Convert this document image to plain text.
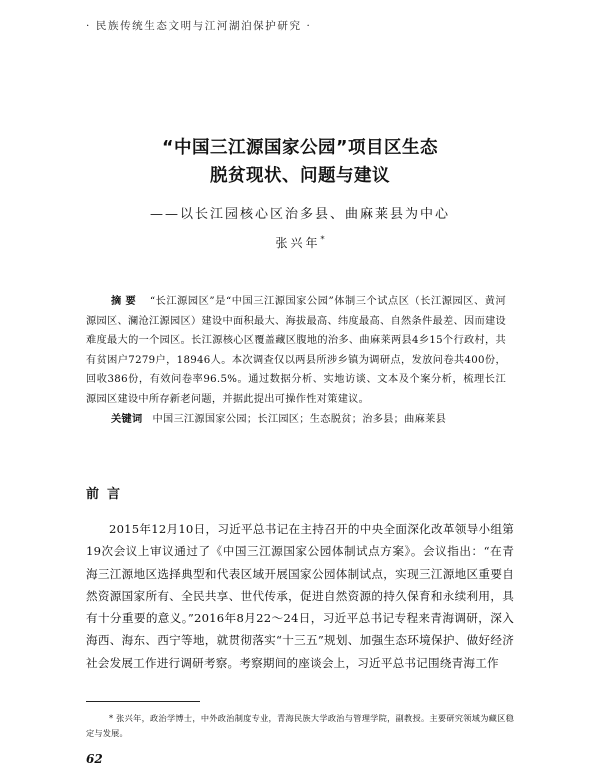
· 民族传统生态文明与江河湖泊保护研究 ·
“中国三江源国家公园”项目区生态
脱贫现状、问题与建议
——以长江园核心区治多县、曲麻莱县为中心
张兴年*
摘要 “长江源园区”是“中国三江源国家公园”体制三个试点区（长江源园区、黄河源园区、澜沧江源园区）建设中面积最大、海拔最高、纬度最高、自然条件最差、因而建设难度最大的一个园区。长江源核心区覆盖藏区腹地的治多、曲麻莱两县4乡15个行政村，共有贫困户7279户，18946人。本次调查仅以两县所涉乡镇为调研点，发放问卷共400份，回收386份，有效问卷率96.5%。通过数据分析、实地访谈、文本及个案分析，梳理长江源园区建设中所存新老问题，并据此提出可操作性对策建议。
关键词 中国三江源国家公园；长江园区；生态脱贫；治多县；曲麻莱县
前言
2015年12月10日，习近平总书记在主持召开的中央全面深化改革领导小组第19次会议上审议通过了《中国三江源国家公园体制试点方案》。会议指出：“在青海三江源地区选择典型和代表区域开展国家公园体制试点，实现三江源地区重要自然资源国家所有、全民共享、世代传承，促进自然资源的持久保育和永续利用，具有十分重要的意义。”2016年8月22～24日，习近平总书记专程来青海调研，深入海西、海东、西宁等地，就贯彻落实“十三五”规划、加强生态环境保护、做好经济社会发展工作进行调研考察。考察期间的座谈会上，习近平总书记围绕青海工作
* 张兴年，政治学博士，中外政治制度专业，青海民族大学政治与管理学院，副教授。主要研究领域为藏区稳定与发展。
62
